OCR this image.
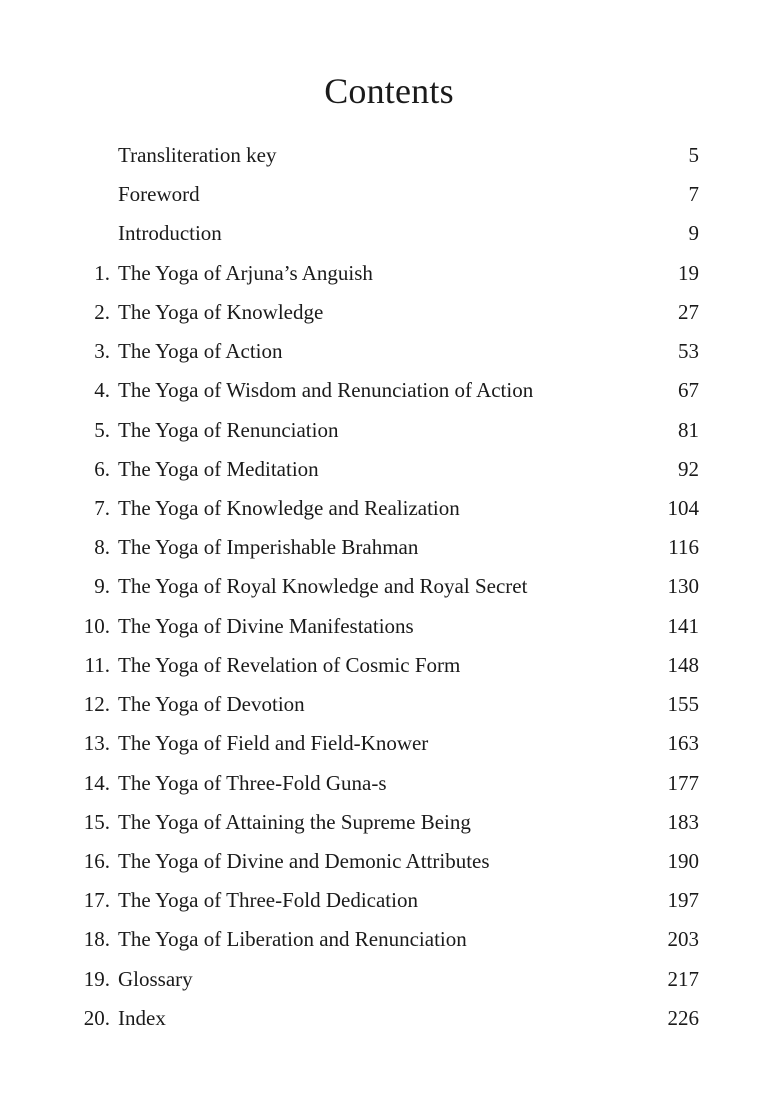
Contents
Transliteration key	5
Foreword	7
Introduction	9
1. The Yoga of Arjuna’s Anguish	19
2. The Yoga of Knowledge	27
3. The Yoga of Action	53
4. The Yoga of Wisdom and Renunciation of Action	67
5. The Yoga of Renunciation	81
6. The Yoga of Meditation	92
7. The Yoga of Knowledge and Realization	104
8. The Yoga of Imperishable Brahman	116
9. The Yoga of Royal Knowledge and Royal Secret	130
10. The Yoga of Divine Manifestations	141
11. The Yoga of Revelation of Cosmic Form	148
12. The Yoga of Devotion	155
13. The Yoga of Field and Field-Knower	163
14. The Yoga of Three-Fold Guna-s	177
15. The Yoga of Attaining the Supreme Being	183
16. The Yoga of Divine and Demonic Attributes	190
17. The Yoga of Three-Fold Dedication	197
18. The Yoga of Liberation and Renunciation	203
19. Glossary	217
20. Index	226
